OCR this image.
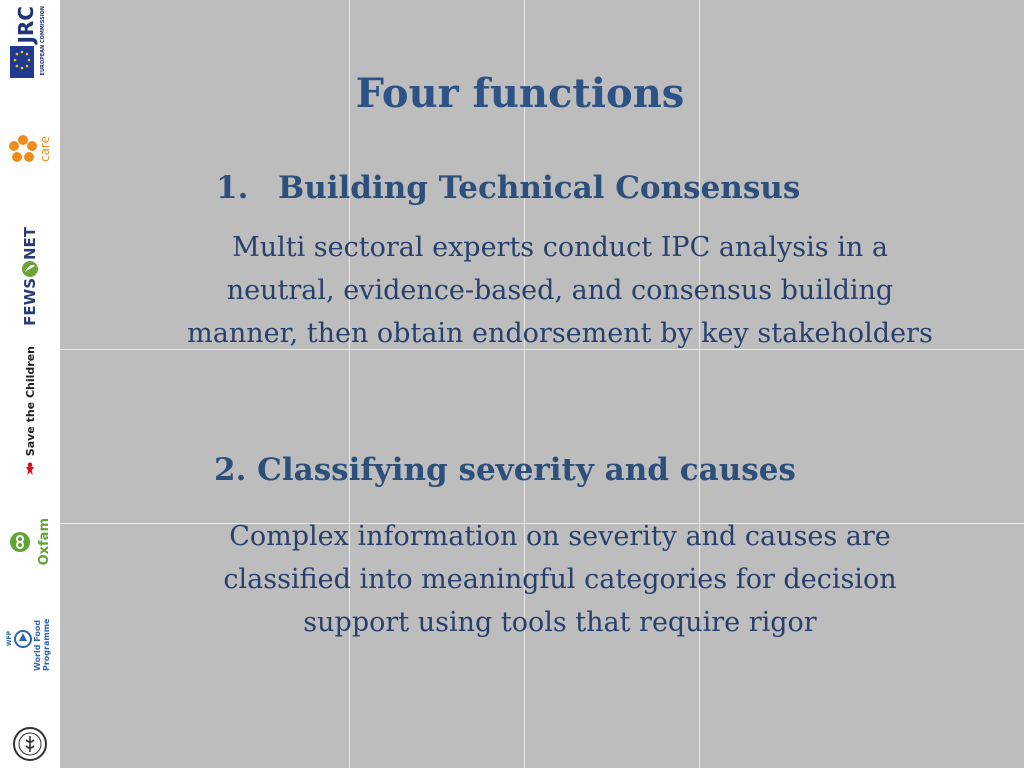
JRC EUROPEAN COMMISSION
care
FEWS
NET
Save the Children
Oxfam
WFP	World Food Programme
Four functions
1. Building Technical Consensus
Multi sectoral experts conduct IPC analysis in a
neutral, evidence-based, and consensus building
manner, then obtain endorsement by key stakeholders
2. Classifying severity and causes
Complex information on severity and causes are
classified into meaningful categories for decision
support using tools that require rigor
